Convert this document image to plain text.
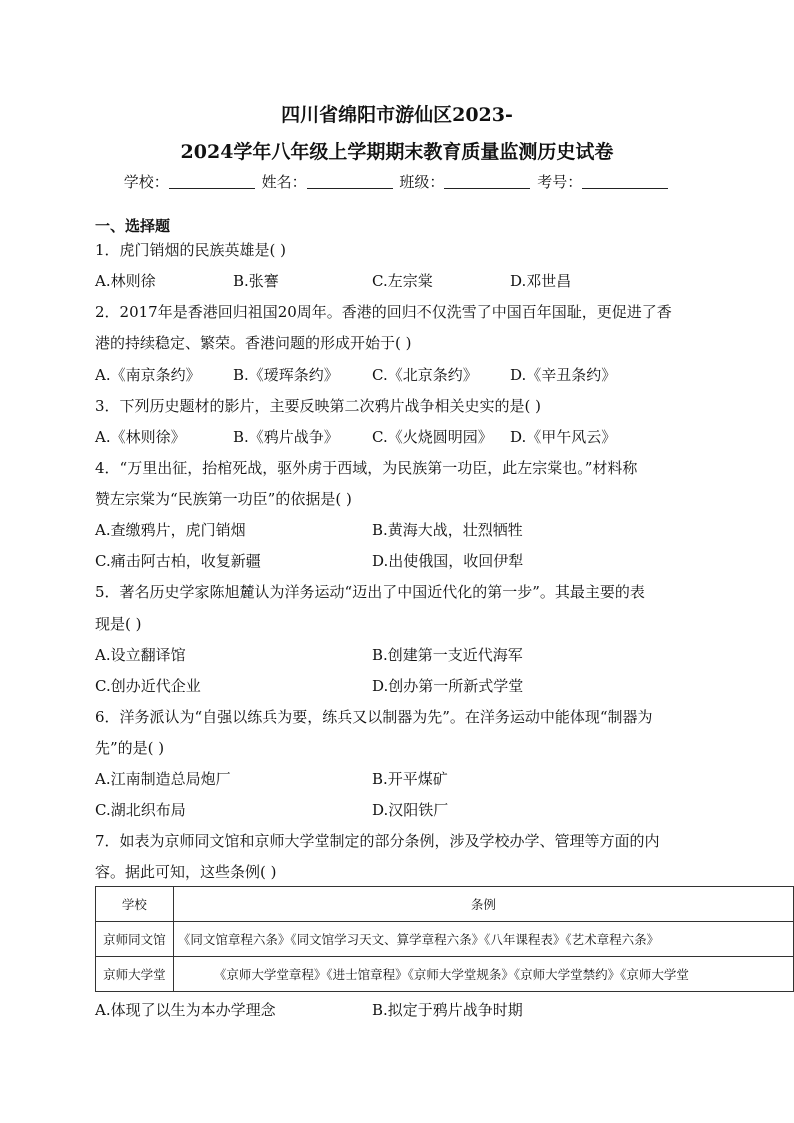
四川省绵阳市游仙区2023-
2024学年八年级上学期期末教育质量监测历史试卷
学校：	姓名：	班级：	考号：
一、选择题
1．虎门销烟的民族英雄是( )
A.林则徐	B.张謇	C.左宗棠	D.邓世昌
2．2017年是香港回归祖国20周年。香港的回归不仅洗雪了中国百年国耻，更促进了香
港的持续稳定、繁荣。香港问题的形成开始于( )
A.《南京条约》 B.《瑷珲条约》 C.《北京条约》 D.《辛丑条约》
3．下列历史题材的影片，主要反映第二次鸦片战争相关史实的是( )
A.《林则徐》	B.《鸦片战争》 C.《火烧圆明园》 D.《甲午风云》
4．“万里出征，抬棺死战，驱外虏于西域，为民族第一功臣，此左宗棠也。”材料称
赞左宗棠为“民族第一功臣”的依据是( )
A.查缴鸦片，虎门销烟	B.黄海大战，壮烈牺牲
C.痛击阿古柏，收复新疆	D.出使俄国，收回伊犁
5．著名历史学家陈旭麓认为洋务运动“迈出了中国近代化的第一步”。其最主要的表
现是( )
A.设立翻译馆	B.创建第一支近代海军
C.创办近代企业	D.创办第一所新式学堂
6．洋务派认为“自强以练兵为要，练兵又以制器为先”。在洋务运动中能体现“制器为
先”的是( )
A.江南制造总局炮厂	B.开平煤矿
C.湖北织布局	D.汉阳铁厂
7．如表为京师同文馆和京师大学堂制定的部分条例，涉及学校办学、管理等方面的内
容。据此可知，这些条例( )
学校	条例
京师同文馆	《同文馆章程六条》《同文馆学习天文、算学章程六条》《八年课程表》《艺术章程六条》
京师大学堂	《京师大学堂章程》《进士馆章程》《京师大学堂规条》《京师大学堂禁约》《京师大学堂
A.体现了以生为本办学理念	B.拟定于鸦片战争时期
